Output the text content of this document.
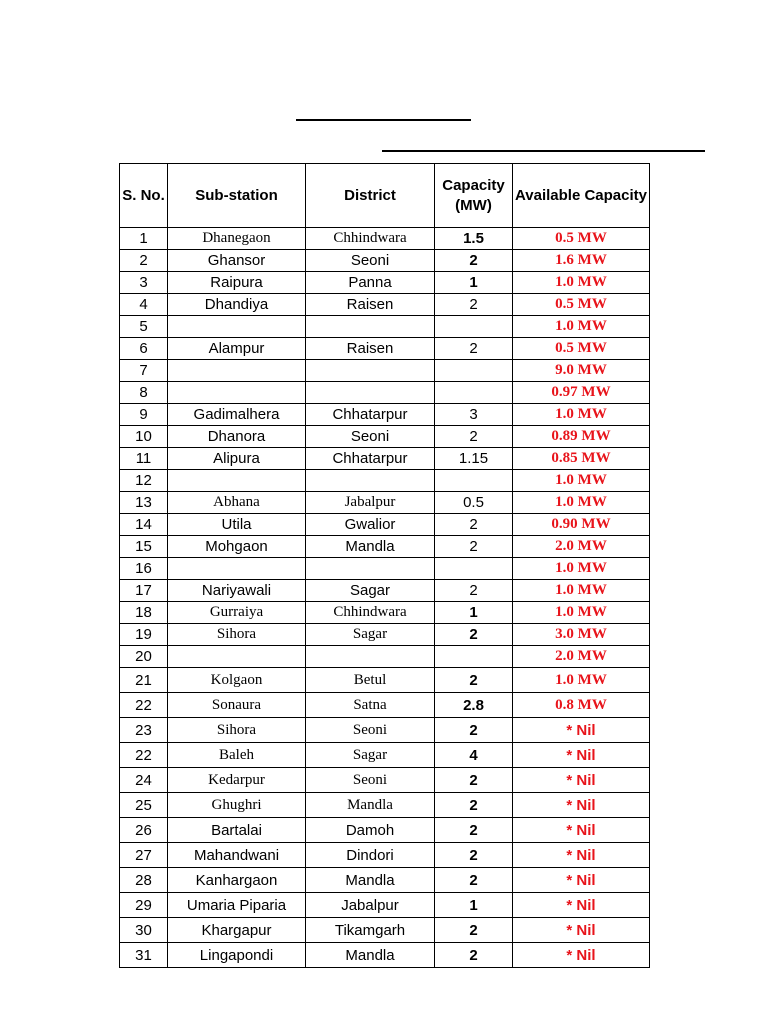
S. No.	Sub-station	District	Capacity (MW)	Available Capacity
1	Dhanegaon	Chhindwara	1.5	0.5 MW
2	Ghansor	Seoni	2	1.6 MW
3	Raipura	Panna	1	1.0 MW
4	Dhandiya	Raisen	2	0.5 MW
5				1.0 MW
6	Alampur	Raisen	2	0.5 MW
7				9.0 MW
8				0.97 MW
9	Gadimalhera	Chhatarpur	3	1.0 MW
10	Dhanora	Seoni	2	0.89 MW
11	Alipura	Chhatarpur	1.15	0.85 MW
12				1.0 MW
13	Abhana	Jabalpur	0.5	1.0 MW
14	Utila	Gwalior	2	0.90 MW
15	Mohgaon	Mandla	2	2.0 MW
16				1.0 MW
17	Nariyawali	Sagar	2	1.0 MW
18	Gurraiya	Chhindwara	1	1.0 MW
19	Sihora	Sagar	2	3.0 MW
20				2.0 MW
21	Kolgaon	Betul	2	1.0 MW
22	Sonaura	Satna	2.8	0.8 MW
23	Sihora	Seoni	2	* Nil
22	Baleh	Sagar	4	* Nil
24	Kedarpur	Seoni	2	* Nil
25	Ghughri	Mandla	2	* Nil
26	Bartalai	Damoh	2	* Nil
27	Mahandwani	Dindori	2	* Nil
28	Kanhargaon	Mandla	2	* Nil
29	Umaria Piparia	Jabalpur	1	* Nil
30	Khargapur	Tikamgarh	2	* Nil
31	Lingapondi	Mandla	2	* Nil
